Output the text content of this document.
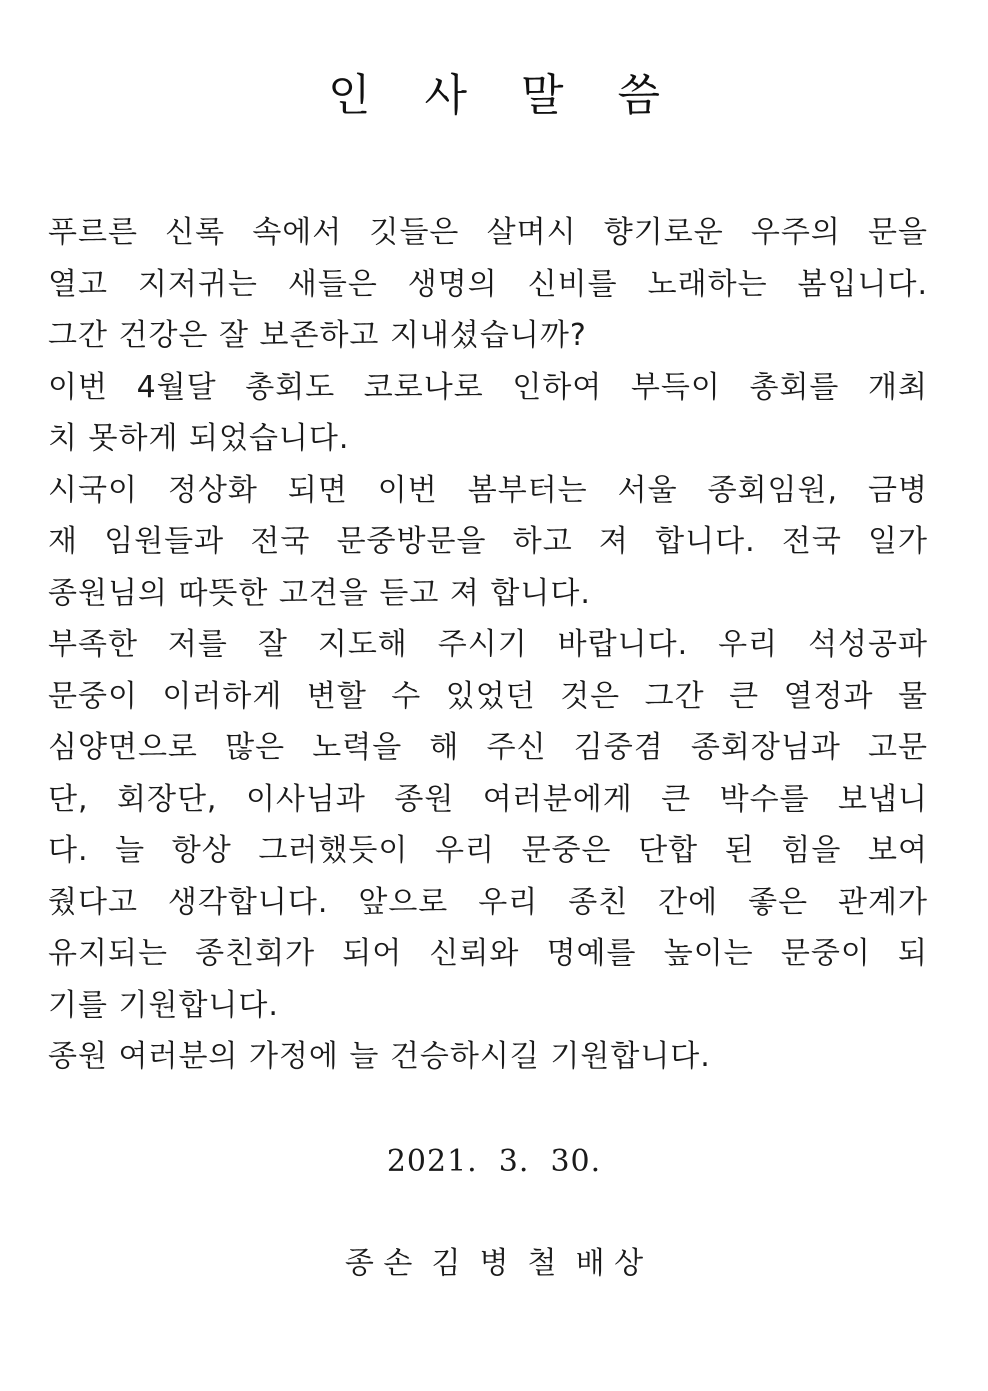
인 사 말 씀
푸르른 신록 속에서 깃들은 살며시 향기로운 우주의 문을
열고 지저귀는 새들은 생명의 신비를 노래하는 봄입니다.
그간 건강은 잘 보존하고 지내셨습니까?
이번 4월달 총회도 코로나로 인하여 부득이 총회를 개최
치 못하게 되었습니다.
시국이 정상화 되면 이번 봄부터는 서울 종회임원, 금병
재 임원들과 전국 문중방문을 하고 져 합니다. 전국 일가
종원님의 따뜻한 고견을 듣고 져 합니다.
부족한 저를 잘 지도해 주시기 바랍니다. 우리 석성공파
문중이 이러하게 변할 수 있었던 것은 그간 큰 열정과 물
심양면으로 많은 노력을 해 주신 김중겸 종회장님과 고문
단, 회장단, 이사님과 종원 여러분에게 큰 박수를 보냅니
다. 늘 항상 그러했듯이 우리 문중은 단합 된 힘을 보여
줬다고 생각합니다. 앞으로 우리 종친 간에 좋은 관계가
유지되는 종친회가 되어 신뢰와 명예를 높이는 문중이 되
기를 기원합니다.
종원 여러분의 가정에 늘 건승하시길 기원합니다.
2021.  3.  30.
종 손  김  병  철  배 상
